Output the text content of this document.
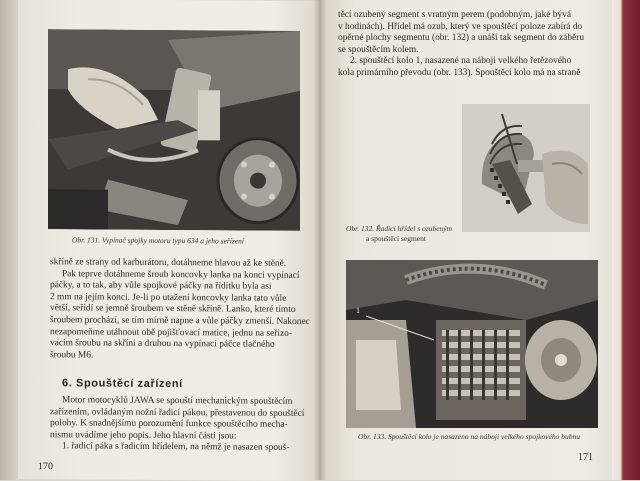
Obr. 131. Vypínač spojky motoru typu 634 a jeho seřízení
skříně ze strany od karburátoru, dotáhneme hlavou až ke stěně.
Pak teprve dotáhneme šroub koncovky lanka na konci vypínací
páčky, a to tak, aby vůle spojkové páčky na řídítku byla asi
2 mm na jejím konci. Je-li po utažení koncovky lanka tato vůle
větší, seřídí se jemně šroubem ve stěně skříně. Lanko, které tímto
šroubem prochází, se tím mírně napne a vůle páčky zmenší. Nakonec
nezapomeňme utáhnout obě pojišťovací matice, jednu na seřizo-
vacím šroubu na skříni a druhou na vypínací páčce tlačného
šroubu M6.
6. Spouštěcí zařízení
Motor motocyklů JAWA se spouští mechanickým spouštěcím
zařízením, ovládaným nožní řadicí pákou, přestavenou do spouštěcí
polohy. K snadnějšímu porozumění funkce spouštěcího mecha-
nismu uvádíme jeho popis. Jeho hlavní části jsou:
1. řadicí páka s řadicím hřídelem, na němž je nasazen spouš-
170
těcí ozubený segment s vratným perem (podobným, jaké bývá
v hodinách). Hřídel má ozub, který ve spouštěcí poloze zabírá do
opěrné plochy segmentu (obr. 132) a unáší tak segment do záběru
se spouštěcím kolem.
2. spouštěcí kolo 1, nasazené na náboji velkého řetězového
kola primárního převodu (obr. 133). Spouštěcí kolo má na straně
Obr. 132. Řadicí hřídel s ozubeným
a spouštěcí segment
1
Obr. 133. Spouštěcí kolo je nasazeno na náboji velkého spojkového bubnu
171
